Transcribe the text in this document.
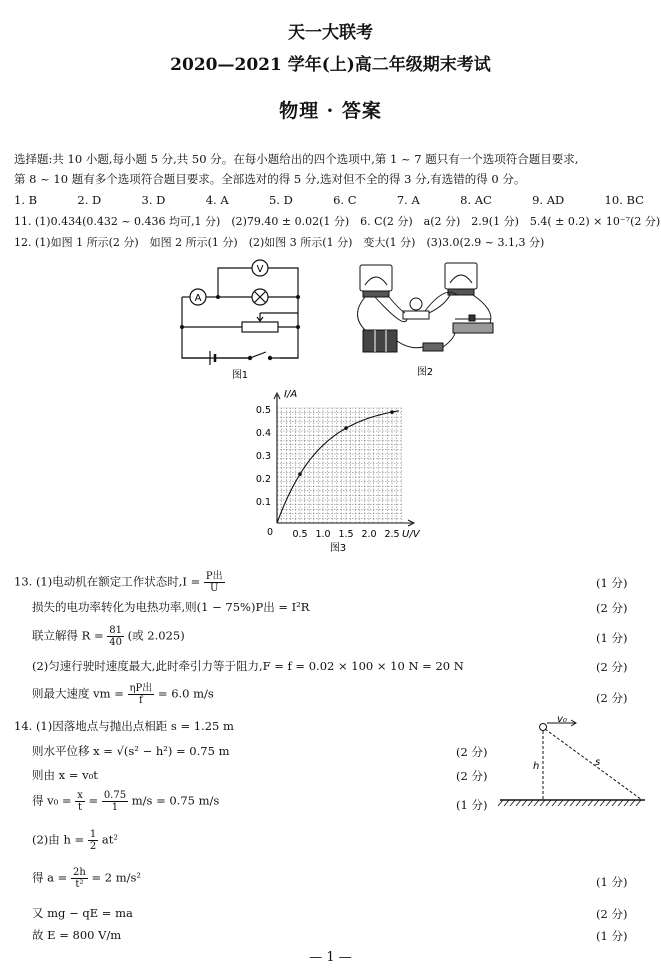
天一大联考
2020—2021 学年(上)高二年级期末考试
物理 · 答案
选择题:共 10 小题,每小题 5 分,共 50 分。在每小题给出的四个选项中,第 1 ~ 7 题只有一个选项符合题目要求,
第 8 ~ 10 题有多个选项符合题目要求。全部选对的得 5 分,选对但不全的得 3 分,有选错的得 0 分。
1. B	2. D	3. D	4. A	5. D	6. C	7. A	8. AC	9. AD	10. BC
11. (1)0.434(0.432 ~ 0.436 均可,1 分)　(2)79.40 ± 0.02(1 分)　6. C(2 分)　a(2 分)　2.9(1 分)　5.4( ± 0.2) × 10⁻⁷(2 分)
12. (1)如图 1 所示(2 分)　如图 2 所示(1 分)　(2)如图 3 所示(1 分)　变大(1 分)　(3)3.0(2.9 ~ 3.1,3 分)
V
A
图1	图2
I/A
U/V
0 0.5 1.0 1.5 2.0 2.5
0.1
0.2
0.3
0.4
0.5
图3
13. (1)电动机在额定工作状态时$,I = \frac{\text{P出}}{U}$	(1 分)
损失的电功率转化为电热功率,则(1 − 75%)P出 = I²R	(2 分)
联立解得 $R = \frac{81}{40}$ (或 2.025)	(1 分)
(2)匀速行驶时速度最大,此时牵引力等于阻力,F = f = 0.02 × 100 × 10 N = 20 N	(2 分)
则最大速度 vm = $\frac{\text{ηP出}}{f} = 6.0$ m/s	(2 分)
14. (1)因落地点与抛出点相距 s = 1.25 m
则水平位移 x = √(s² − h²) = 0.75 m	(2 分)
则由 x = v₀t	(2 分)
得 $v_0 = \frac{x}{t} = \frac{0.75}{1} m/s = 0.75$ m/s	(1 分)
(2)由 $h = \frac{1}{2} at^2$
得 $a = \frac{2h}{\text{t²}} = 2$ m/s²	(1 分)
又 mg − qE = ma	(2 分)
故 E = 800 V/m	(1 分)
v₀
h	s
— 1 —
